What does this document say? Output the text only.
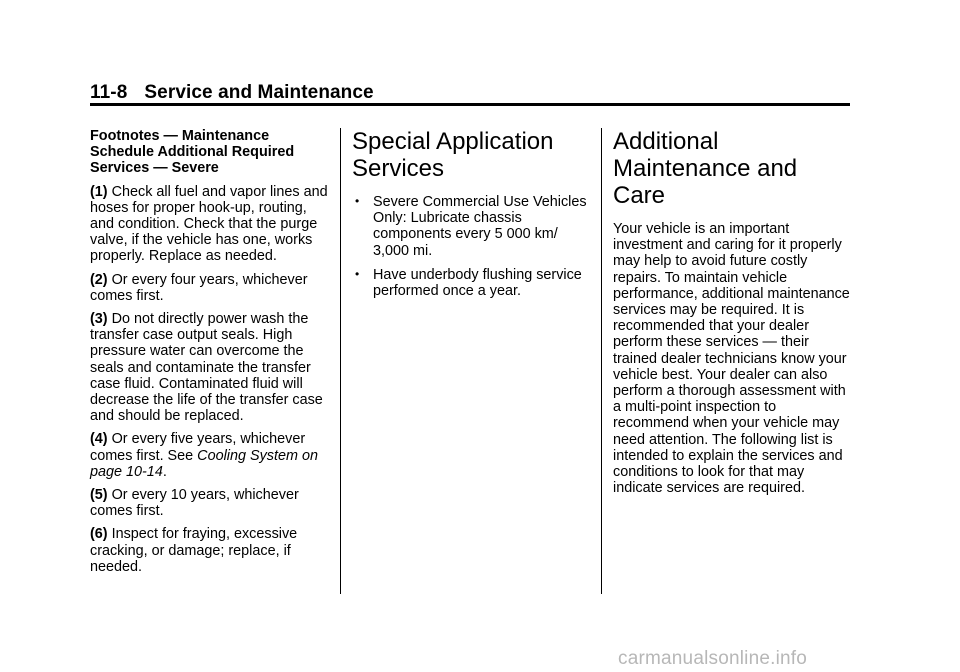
11-8 Service and Maintenance

Footnotes — Maintenance Schedule Additional Required Services — Severe

(1) Check all fuel and vapor lines and hoses for proper hook-up, routing, and condition. Check that the purge valve, if the vehicle has one, works properly. Replace as needed.

(2) Or every four years, whichever comes first.

(3) Do not directly power wash the transfer case output seals. High pressure water can overcome the seals and contaminate the transfer case fluid. Contaminated fluid will decrease the life of the transfer case and should be replaced.

(4) Or every five years, whichever comes first. See Cooling System on page 10-14.

(5) Or every 10 years, whichever comes first.

(6) Inspect for fraying, excessive cracking, or damage; replace, if needed.

Special Application Services
• Severe Commercial Use Vehicles Only: Lubricate chassis components every 5 000 km/ 3,000 mi.
• Have underbody flushing service performed once a year.
Additional Maintenance and Care

Your vehicle is an important investment and caring for it properly may help to avoid future costly repairs. To maintain vehicle performance, additional maintenance services may be required. It is recommended that your dealer perform these services — their trained dealer technicians know your vehicle best. Your dealer can also perform a thorough assessment with a multi-point inspection to recommend when your vehicle may need attention. The following list is intended to explain the services and conditions to look for that may indicate services are required.

carmanualsonline.info
